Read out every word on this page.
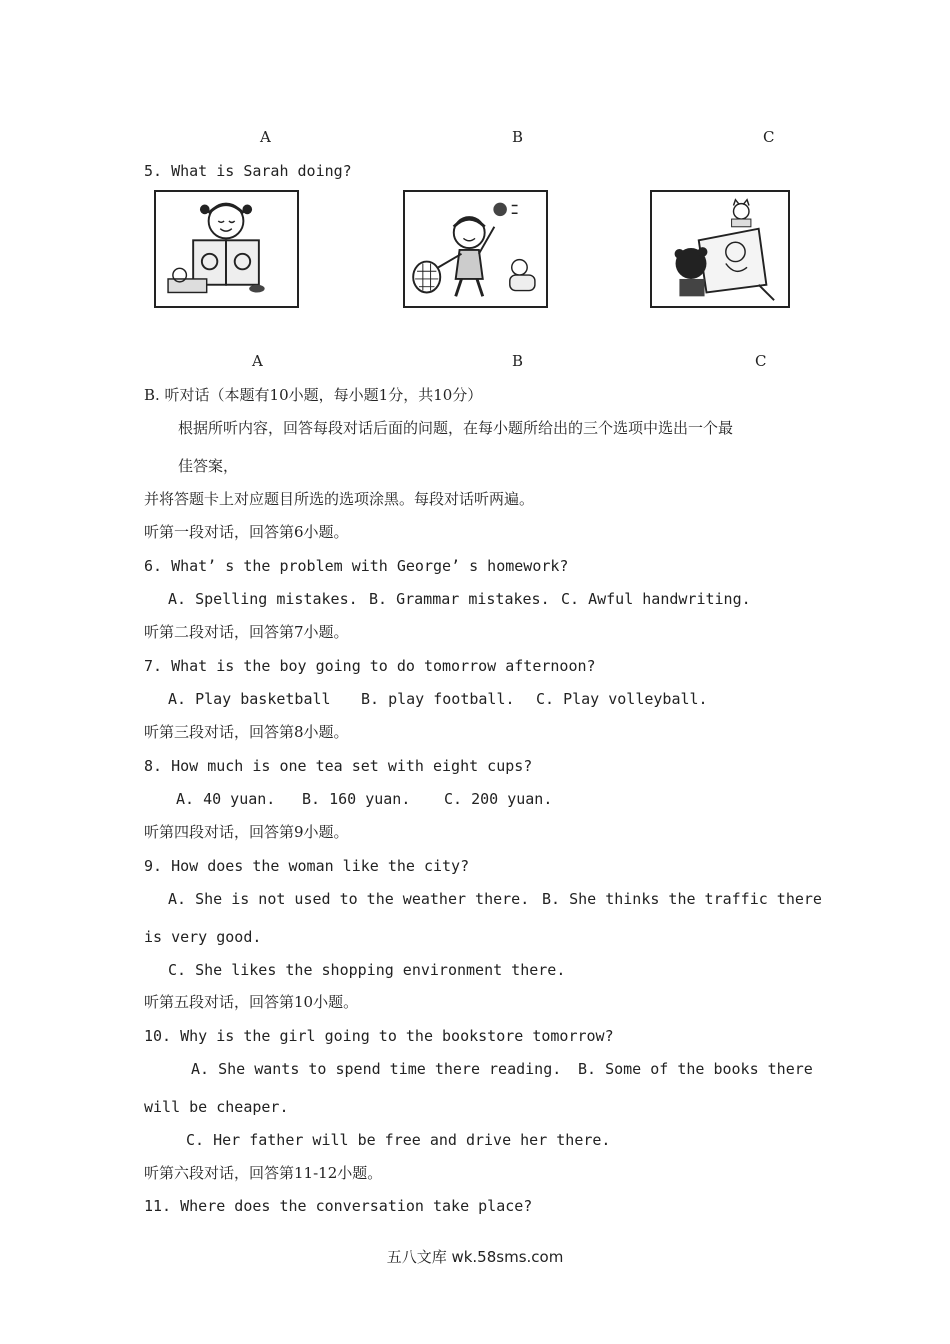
A	B	C
5. What is Sarah doing?
A	B	C
B. 听对话（本题有10小题，每小题1分，共10分）
根据所听内容，回答每段对话后面的问题，在每小题所给出的三个选项中选出一个最
佳答案，
并将答题卡上对应题目所选的选项涂黑。每段对话听两遍。
听第一段对话，回答第6小题。
6. What’ s the problem with George’ s homework?
A. Spelling mistakes. B. Grammar mistakes. C. Awful handwriting.
听第二段对话，回答第7小题。
7. What is the boy going to do tomorrow afternoon?
A. Play basketball B. play football. C. Play volleyball.
听第三段对话，回答第8小题。
8. How much is one tea set with eight cups?
A. 40 yuan. B. 160 yuan. C. 200 yuan.
听第四段对话，回答第9小题。
9. How does the woman like the city?
A. She is not used to the weather there. B. She thinks the traffic there
is very good.
C. She likes the shopping environment there.
听第五段对话，回答第10小题。
10. Why is the girl going to the bookstore tomorrow?
A. She wants to spend time there reading. B. Some of the books there
will be cheaper.
C. Her father will be free and drive her there.
听第六段对话，回答第11-12小题。
11. Where does the conversation take place?
五八文库 wk.58sms.com
